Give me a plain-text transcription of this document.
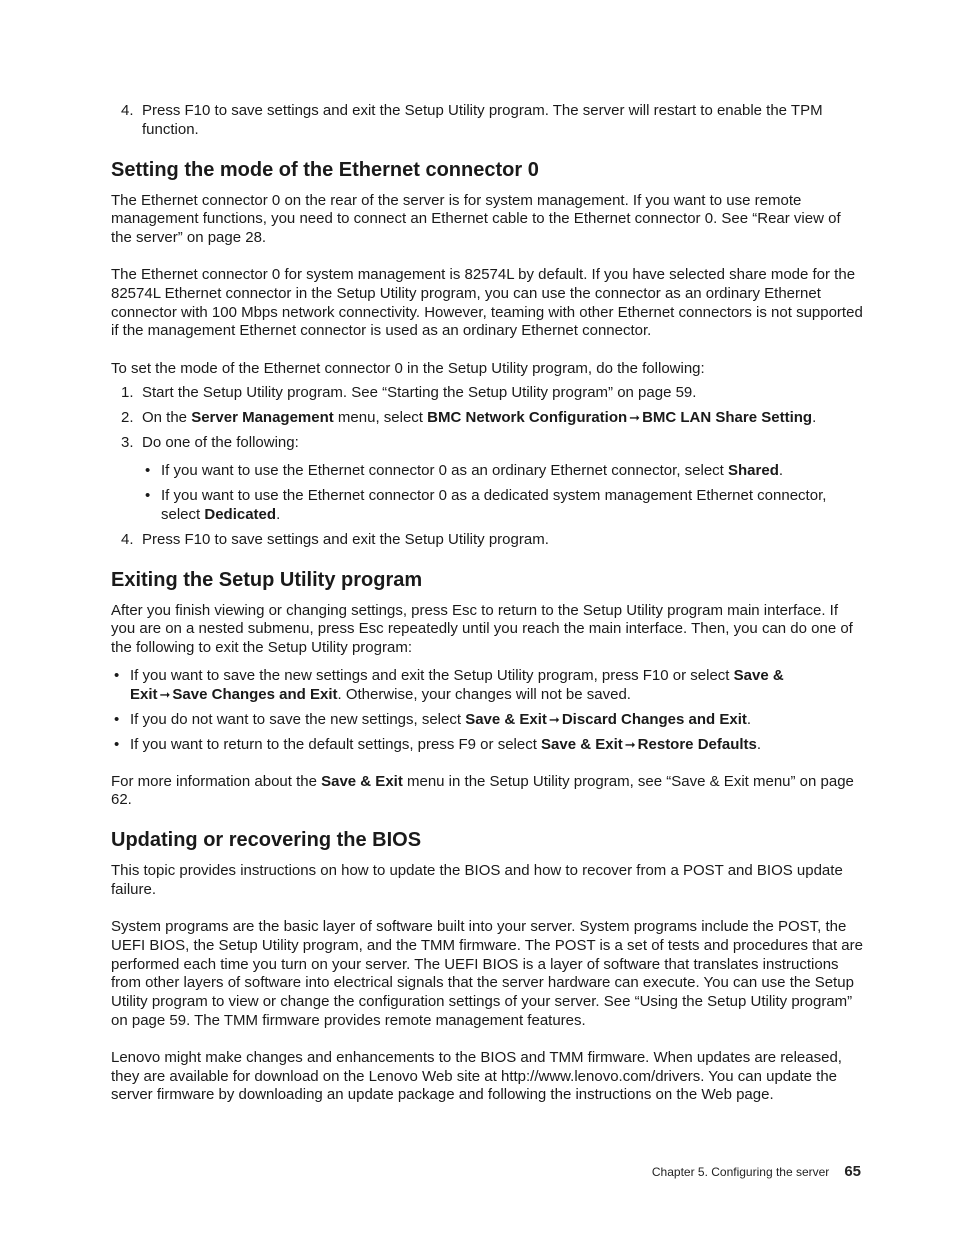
4. Press F10 to save settings and exit the Setup Utility program. The server will restart to enable the TPM function.
Setting the mode of the Ethernet connector 0

The Ethernet connector 0 on the rear of the server is for system management. If you want to use remote management functions, you need to connect an Ethernet cable to the Ethernet connector 0. See “Rear view of the server” on page 28.

The Ethernet connector 0 for system management is 82574L by default. If you have selected share mode for the 82574L Ethernet connector in the Setup Utility program, you can use the connector as an ordinary Ethernet connector with 100 Mbps network connectivity. However, teaming with other Ethernet connectors is not supported if the management Ethernet connector is used as an ordinary Ethernet connector.

To set the mode of the Ethernet connector 0 in the Setup Utility program, do the following:

1. Start the Setup Utility program. See “Starting the Setup Utility program” on page 59.
2. On the Server Management menu, select BMC Network Configuration ➞ BMC LAN Share Setting.
3. Do one of the following:
• If you want to use the Ethernet connector 0 as an ordinary Ethernet connector, select Shared.
• If you want to use the Ethernet connector 0 as a dedicated system management Ethernet connector, select Dedicated.
4. Press F10 to save settings and exit the Setup Utility program.
Exiting the Setup Utility program

After you finish viewing or changing settings, press Esc to return to the Setup Utility program main interface. If you are on a nested submenu, press Esc repeatedly until you reach the main interface. Then, you can do one of the following to exit the Setup Utility program:

• If you want to save the new settings and exit the Setup Utility program, press F10 or select Save & Exit ➞ Save Changes and Exit. Otherwise, your changes will not be saved.
• If you do not want to save the new settings, select Save & Exit ➞ Discard Changes and Exit.
• If you want to return to the default settings, press F9 or select Save & Exit ➞ Restore Defaults.

For more information about the Save & Exit menu in the Setup Utility program, see “Save & Exit menu” on page 62.

Updating or recovering the BIOS

This topic provides instructions on how to update the BIOS and how to recover from a POST and BIOS update failure.

System programs are the basic layer of software built into your server. System programs include the POST, the UEFI BIOS, the Setup Utility program, and the TMM firmware. The POST is a set of tests and procedures that are performed each time you turn on your server. The UEFI BIOS is a layer of software that translates instructions from other layers of software into electrical signals that the server hardware can execute. You can use the Setup Utility program to view or change the configuration settings of your server. See “Using the Setup Utility program” on page 59. The TMM firmware provides remote management features.

Lenovo might make changes and enhancements to the BIOS and TMM firmware. When updates are released, they are available for download on the Lenovo Web site at http://www.lenovo.com/drivers. You can update the server firmware by downloading an update package and following the instructions on the Web page.

Chapter 5. Configuring the server 65
